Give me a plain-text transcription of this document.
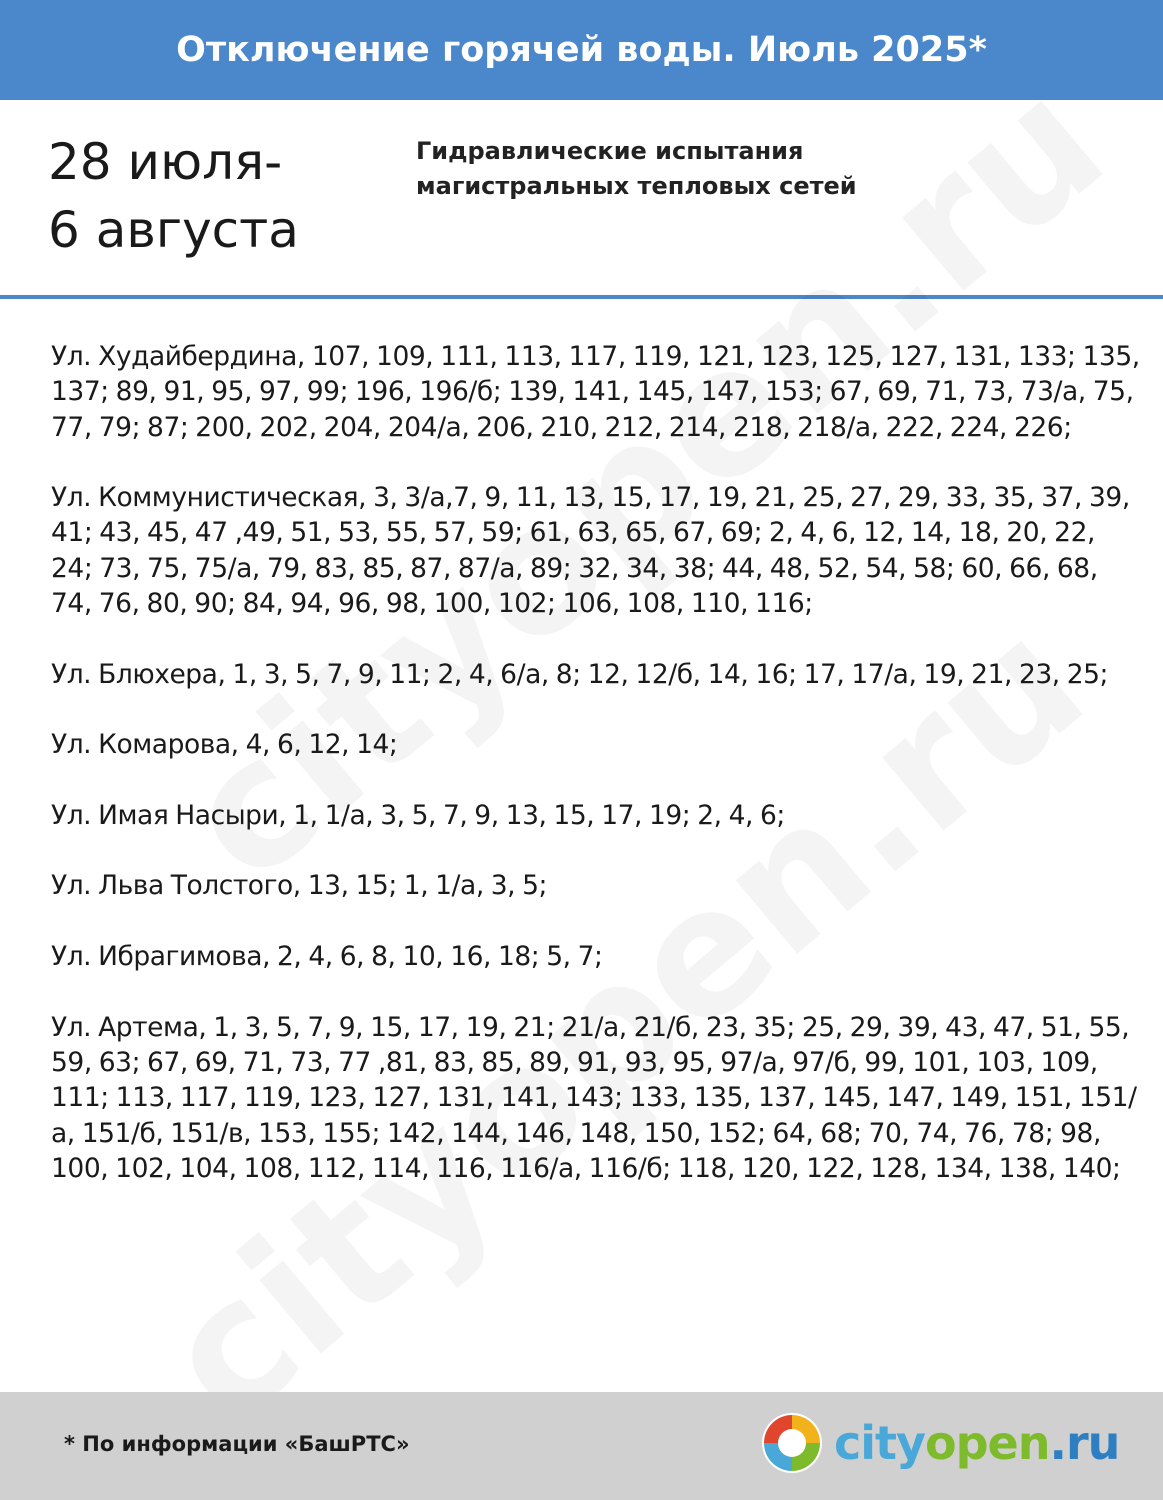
Отключение горячей воды. Июль 2025*
28 июля-
6 августа
Гидравлические испытания
магистральных тепловых сетей

Ул. Худайбердина, 107, 109, 111, 113, 117, 119, 121, 123, 125, 127, 131, 133; 135, 137; 89, 91, 95, 97, 99; 196, 196/б; 139, 141, 145, 147, 153; 67, 69, 71, 73, 73/а, 75, 77, 79; 87; 200, 202, 204, 204/а, 206, 210, 212, 214, 218, 218/а, 222, 224, 226;

Ул. Коммунистическая, 3, 3/а,7, 9, 11, 13, 15, 17, 19, 21, 25, 27, 29, 33, 35, 37, 39, 41; 43, 45, 47 ,49, 51, 53, 55, 57, 59; 61, 63, 65, 67, 69; 2, 4, 6, 12, 14, 18, 20, 22, 24; 73, 75, 75/а, 79, 83, 85, 87, 87/а, 89; 32, 34, 38; 44, 48, 52, 54, 58; 60, 66, 68, 74, 76, 80, 90; 84, 94, 96, 98, 100, 102; 106, 108, 110, 116;

Ул. Блюхера, 1, 3, 5, 7, 9, 11; 2, 4, 6/а, 8; 12, 12/б, 14, 16; 17, 17/а, 19, 21, 23, 25;

Ул. Комарова, 4, 6, 12, 14;

Ул. Имая Насыри, 1, 1/а, 3, 5, 7, 9, 13, 15, 17, 19; 2, 4, 6;

Ул. Льва Толстого, 13, 15; 1, 1/а, 3, 5;

Ул. Ибрагимова, 2, 4, 6, 8, 10, 16, 18; 5, 7;

Ул. Артема, 1, 3, 5, 7, 9, 15, 17, 19, 21; 21/а, 21/б, 23, 35; 25, 29, 39, 43, 47, 51, 55, 59, 63; 67, 69, 71, 73, 77 ,81, 83, 85, 89, 91, 93, 95, 97/а, 97/б, 99, 101, 103, 109, 111; 113, 117, 119, 123, 127, 131, 141, 143; 133, 135, 137, 145, 147, 149, 151, 151/а, 151/б, 151/в, 153, 155; 142, 144, 146, 148, 150, 152; 64, 68; 70, 74, 76, 78; 98, 100, 102, 104, 108, 112, 114, 116, 116/а, 116/б; 118, 120, 122, 128, 134, 138, 140;

* По информации «БашРТС»	cityopen.ru
